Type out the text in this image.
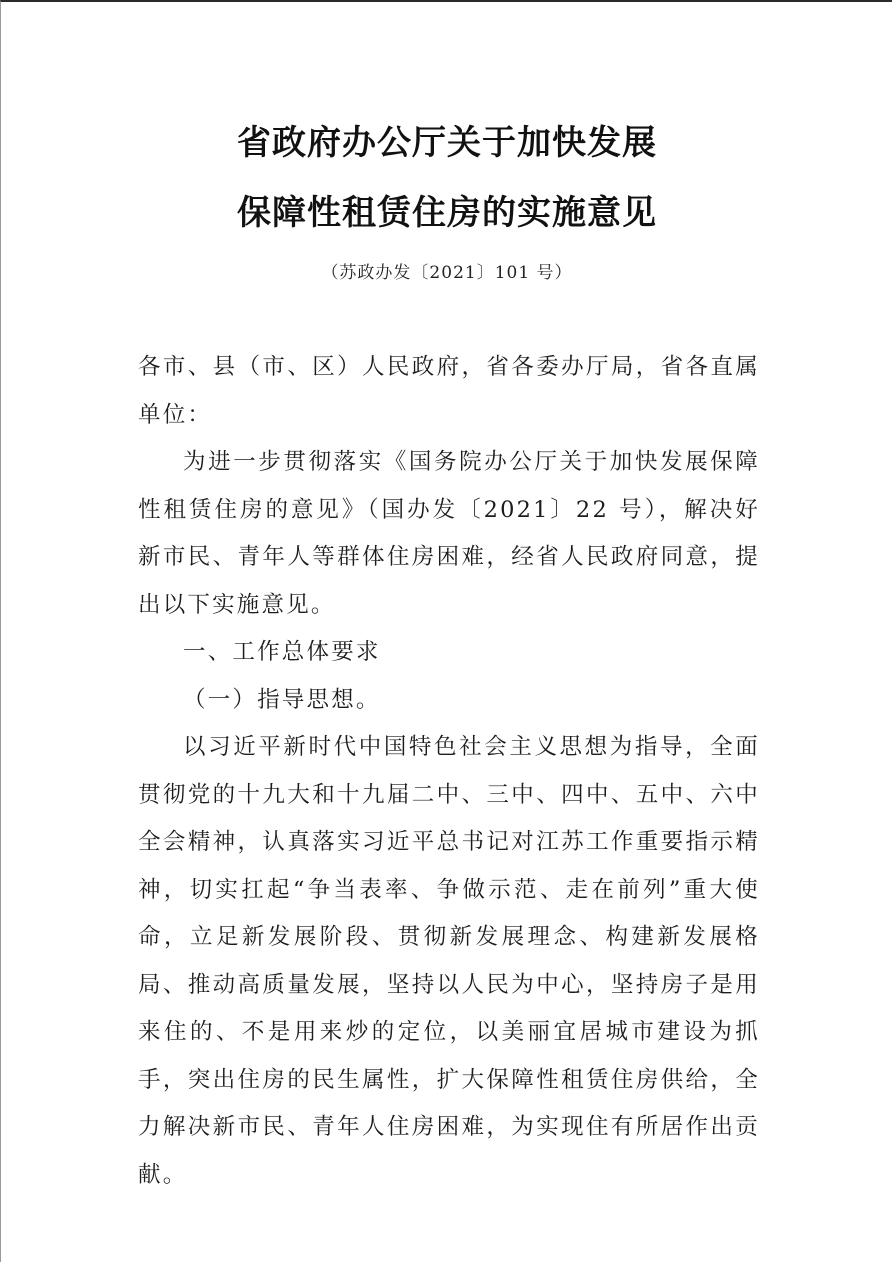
省政府办公厅关于加快发展
保障性租赁住房的实施意见
（苏政办发〔2021〕101 号）

各市、县（市、区）人民政府，省各委办厅局，省各直属单位：

为进一步贯彻落实《国务院办公厅关于加快发展保障性租赁住房的意见》（国办发〔2021〕22 号），解决好新市民、青年人等群体住房困难，经省人民政府同意，提出以下实施意见。

一、工作总体要求

（一）指导思想。

以习近平新时代中国特色社会主义思想为指导，全面贯彻党的十九大和十九届二中、三中、四中、五中、六中全会精神，认真落实习近平总书记对江苏工作重要指示精神，切实扛起“争当表率、争做示范、走在前列”重大使命，立足新发展阶段、贯彻新发展理念、构建新发展格局、推动高质量发展，坚持以人民为中心，坚持房子是用来住的、不是用来炒的定位，以美丽宜居城市建设为抓手，突出住房的民生属性，扩大保障性租赁住房供给，全力解决新市民、青年人住房困难，为实现住有所居作出贡献。
